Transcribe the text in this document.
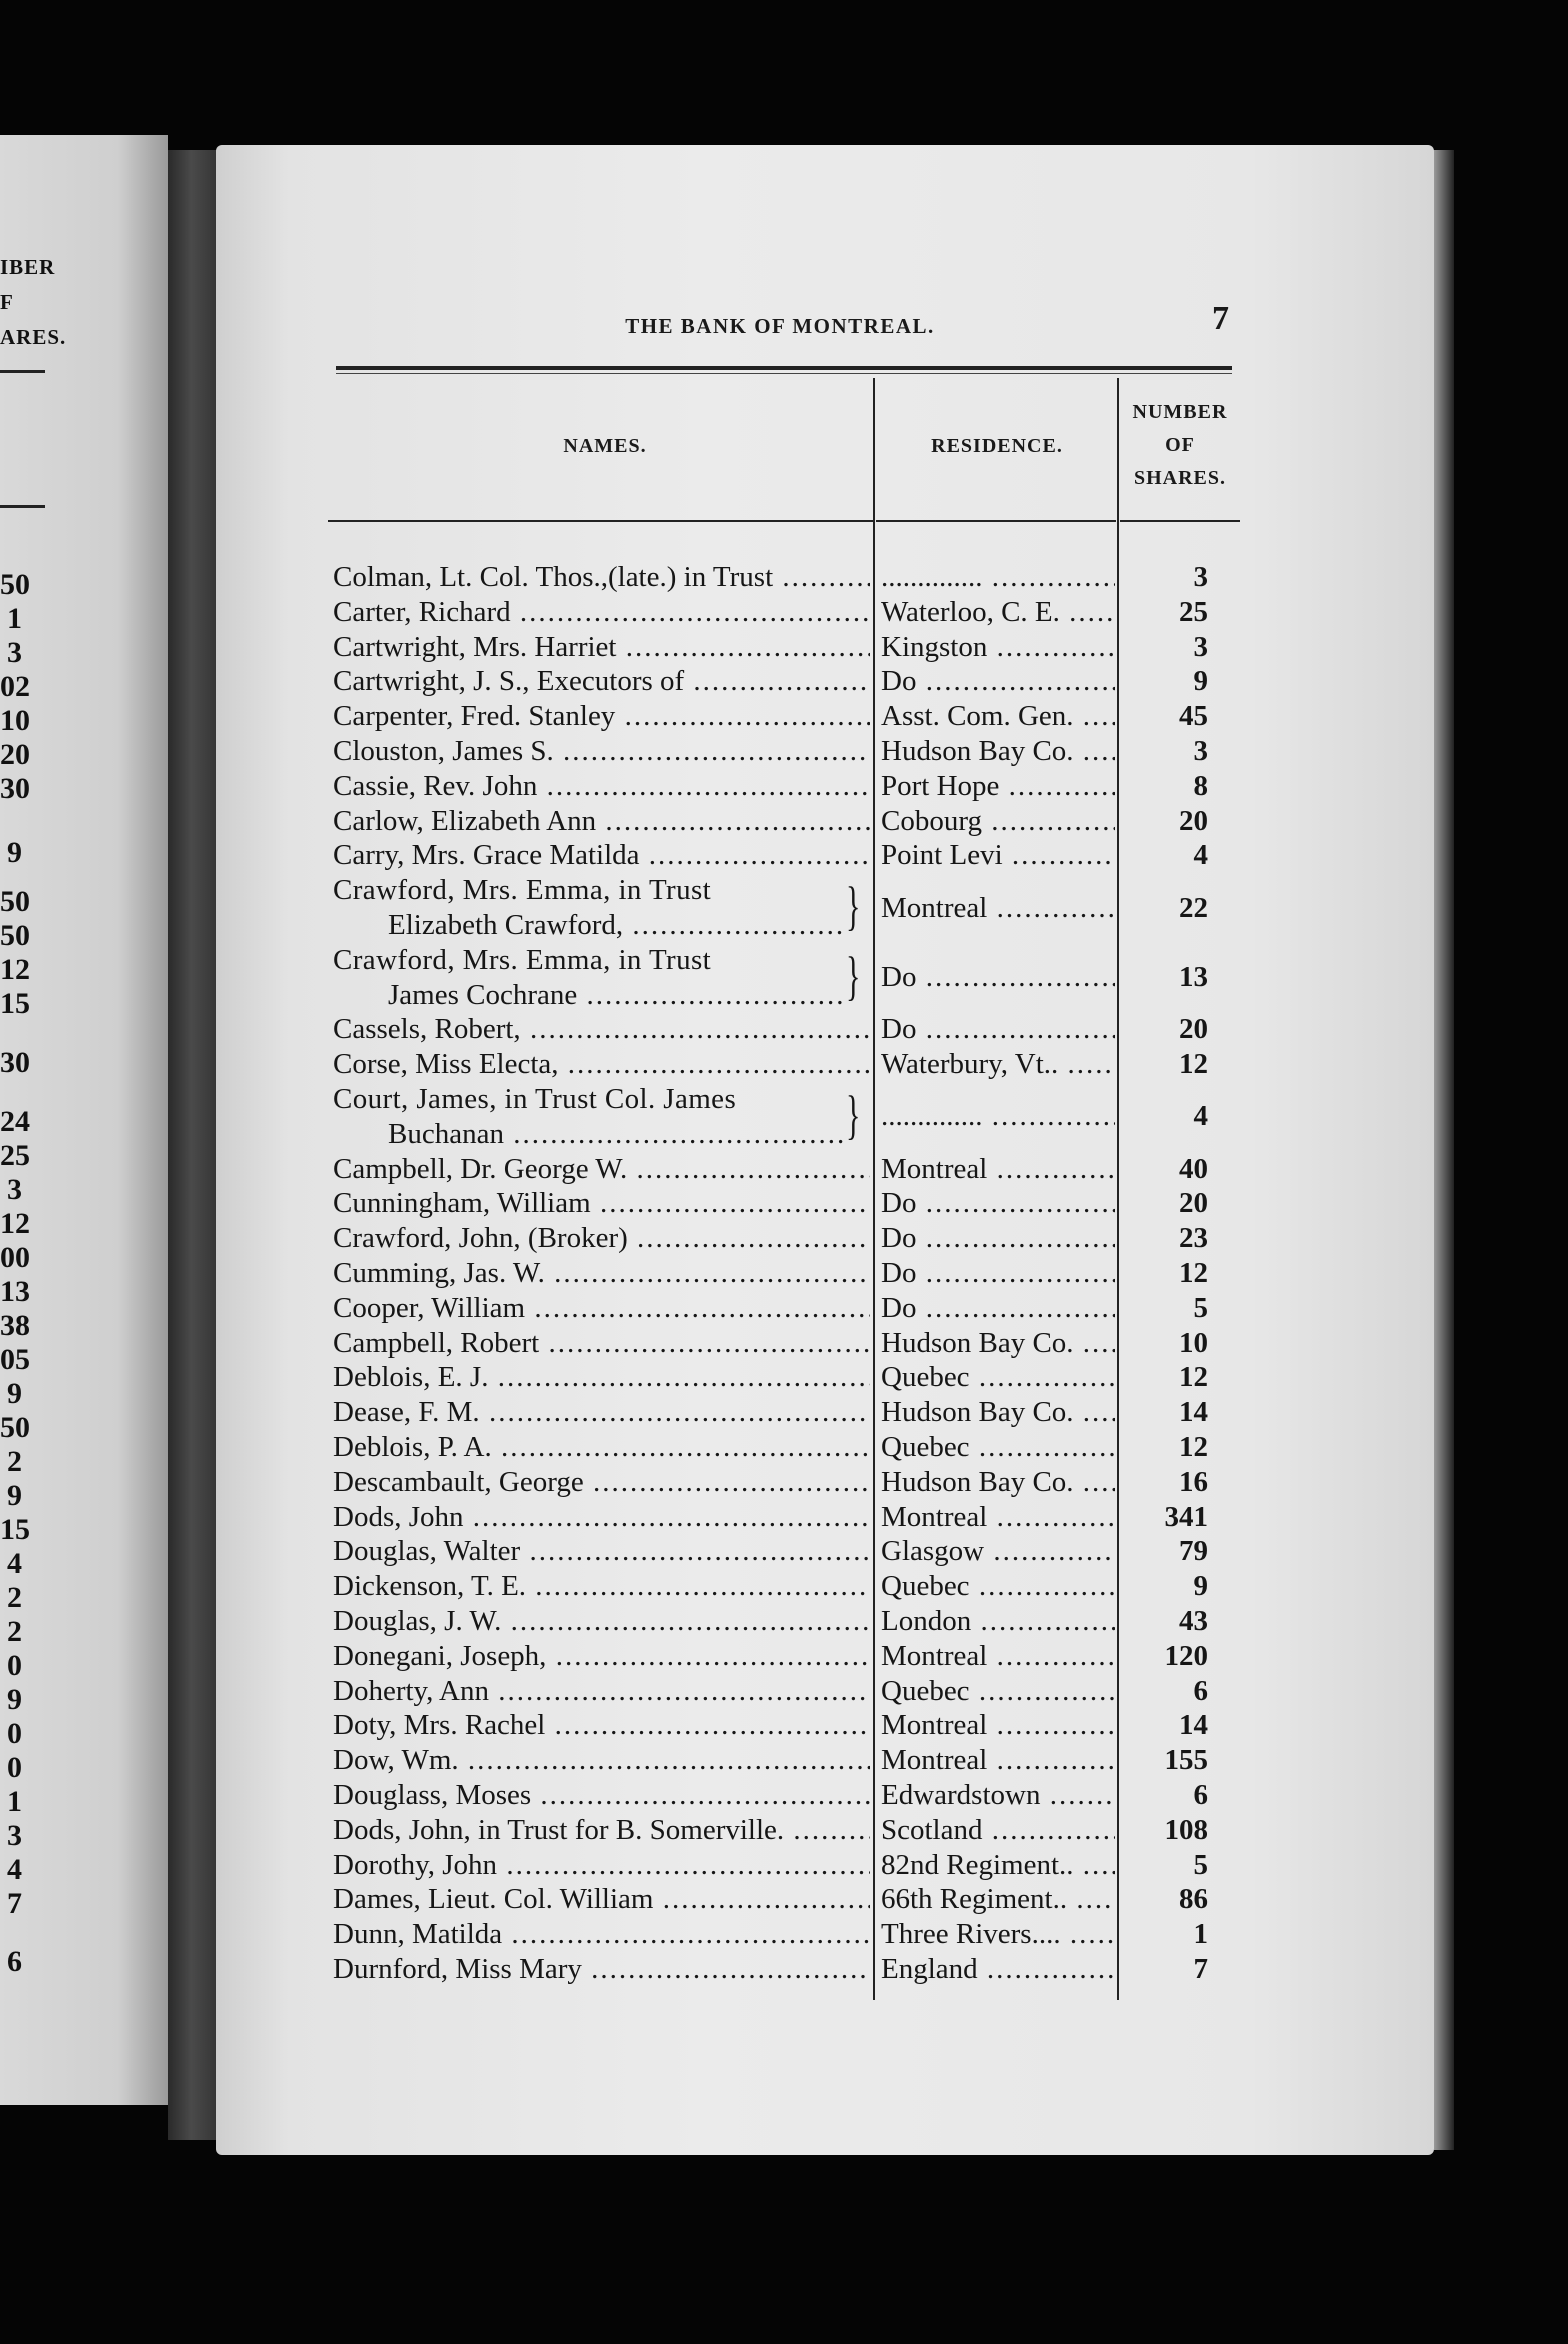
IBER
F
ARES.
50
1
3
02
10
20
30
9
50
50
12
15
30
24
25
3
12
00
13
38
05
9
50
2
9
15
4
2
2
0
9
0
0
1
3
4
7
6
THE BANK OF MONTREAL.	7
NAMES.	RESIDENCE.
NUMBER
OF
SHARES.
Colman, Lt. Col. Thos.,(late.) in Trust .....	.............. .....	3
Carter, Richard .....	Waterloo, C. E. .....	25
Cartwright, Mrs. Harriet .....	Kingston .....	3
Cartwright, J. S., Executors of .....	Do .....	9
Carpenter, Fred. Stanley .....	Asst. Com. Gen. .....	45
Clouston, James S. .....	Hudson Bay Co. .....	3
Cassie, Rev. John .....	Port Hope .....	8
Carlow, Elizabeth Ann .....	Cobourg .....	20
Carry, Mrs. Grace Matilda .....	Point Levi .....	4
Crawford, Mrs. Emma, in Trust
Elizabeth Crawford, .....	} Montreal .....	22
Crawford, Mrs. Emma, in Trust
James Cochrane .....	} Do .....	13
Cassels, Robert, .....	Do .....	20
Corse, Miss Electa, .....	Waterbury, Vt.. .....	12
Court, James, in Trust Col. James
Buchanan .....	} .............. .....	4
Campbell, Dr. George W. .....	Montreal .....	40
Cunningham, William .....	Do .....	20
Crawford, John, (Broker) .....	Do .....	23
Cumming, Jas. W. .....	Do .....	12
Cooper, William .....	Do .....	5
Campbell, Robert .....	Hudson Bay Co. .....	10
Deblois, E. J. .....	Quebec .....	12
Dease, F. M. .....	Hudson Bay Co. .....	14
Deblois, P. A. .....	Quebec .....	12
Descambault, George .....	Hudson Bay Co. .....	16
Dods, John .....	Montreal .....	341
Douglas, Walter .....	Glasgow .....	79
Dickenson, T. E. .....	Quebec .....	9
Douglas, J. W. .....	London .....	43
Donegani, Joseph, .....	Montreal .....	120
Doherty, Ann .....	Quebec .....	6
Doty, Mrs. Rachel .....	Montreal .....	14
Dow, Wm. .....	Montreal .....	155
Douglass, Moses .....	Edwardstown .....	6
Dods, John, in Trust for B. Somerville. .....	Scotland .....	108
Dorothy, John .....	82nd Regiment.. .....	5
Dames, Lieut. Col. William .....	66th Regiment.. .....	86
Dunn, Matilda .....	Three Rivers.... .....	1
Durnford, Miss Mary .....	England .....	7
